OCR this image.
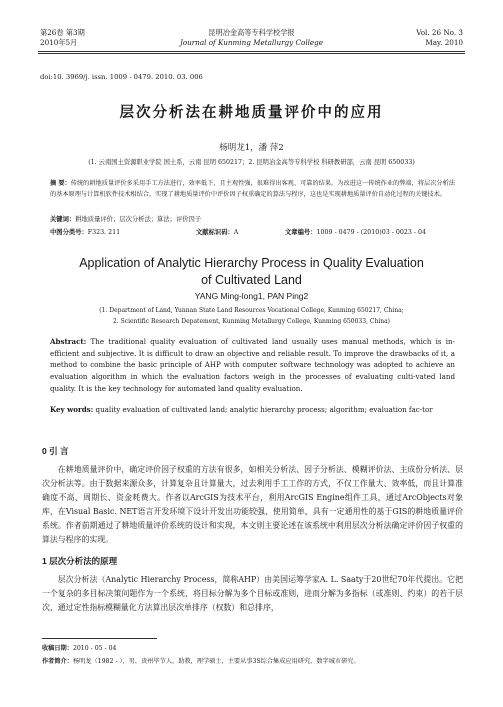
第26卷 第3期
2010年5月
昆明冶金高等专科学校学报
Journal of Kunming Metallurgy College
Vol. 26 No. 3
May. 2010
doi:10. 3969/j. issn. 1009 - 0479. 2010. 03. 006
层次分析法在耕地质量评价中的应用
杨明龙1，潘 萍2
(1. 云南国土资源职业学院 国土系，云南 昆明 650217；2. 昆明冶金高等专科学校 科研教研部，云南 昆明 650033)
摘 要：传统的耕地质量评价多采用手工方法进行，效率低下，且主观性强，很难得出客观、可靠的结果。为改进这一传统作业的弊端，将层次分析法的基本原理与计算机软件技术相结合，实现了耕地质量评价中评价因子权重确定的算法与程序，这也是实现耕地质量评价自动化过程的关键技术。
关键词：耕地质量评价；层次分析法；算法；评价因子
中图分类号：F323. 211	文献标识码：A	文章编号：1009 - 0479 - (2010)03 - 0023 - 04
Application of Analytic Hierarchy Process in Quality Evaluation
of Cultivated Land
YANG Ming-long1, PAN Ping2
(1. Department of Land, Yunnan State Land Resources Vocational College, Kunming 650217, China;
2. Scientific Research Depatement, Kunming Metallurgy College, Kunming 650033, China)
Abstract: The traditional quality evaluation of cultivated land usually uses manual methods, which is in-efficient and subjective. It is difficult to draw an objective and reliable result. To improve the drawbacks of it, a method to combine the basic principle of AHP with computer software technology was adopted to achieve an evaluation algorithm in which the evaluation factors weigh in the processes of evaluating culti-vated land quality. It is the key technology for automated land quality evaluation.
Key words: quality evaluation of cultivated land; analytic hierarchy process; algorithm; evaluation fac-tor
0 引 言
在耕地质量评价中，确定评价因子权重的方法有很多，如相关分析法、因子分析法、模糊评价法、主成份分析法、层次分析法等。由于数据来源众多，计算复杂且计算量大，过去利用手工工作的方式，不仅工作量大、效率低，而且计算准确度不高、周期长、资金耗费大。作者以ArcGIS为技术平台，利用ArcGIS Engine组件工具，通过ArcObjects对象库，在Visual Basic. NET语言开发环境下设计开发出功能较强、使用简单，具有一定通用性的基于GIS的耕地质量评价系统。作者前期通过了耕地质量评价系统的设计和实现，本文则主要论述在该系统中利用层次分析法确定评价因子权重的算法与程序的实现。
1 层次分析法的原理
层次分析法（Analytic Hierarchy Process，简称AHP）由美国运筹学家A. L. Saaty于20世纪70年代提出。它把一个复杂的多目标决策问题作为一个系统，将目标分解为多个目标或准则，进而分解为多指标（或准则、约束）的若干层次，通过定性指标模糊量化方法算出层次单排序（权数）和总排序，
收稿日期：2010 - 05 - 04
作者简介：杨明龙（1982 - ），男，贵州毕节人，助教，理学硕士，主要从事3S综合集成应用研究、数字城市研究。
